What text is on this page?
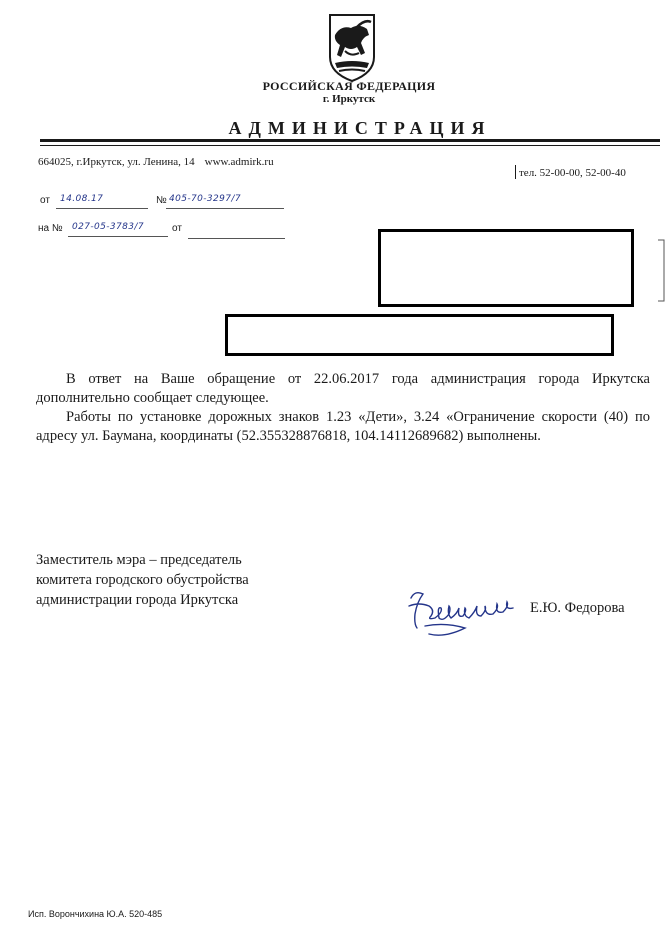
РОССИЙСКАЯ ФЕДЕРАЦИЯ
г. Иркутск
АДМИНИСТРАЦИЯ
664025, г.Иркутск, ул. Ленина, 14 www.admirk.ru
тел. 52-00-00, 52-00-40
от 14.08.17	№ 405-70-3297/7
на № 027-05-3783/7	от

В ответ на Ваше обращение от 22.06.2017 года администрация города Иркутска дополнительно сообщает следующее.

Работы по установке дорожных знаков 1.23 «Дети», 3.24 «Ограничение скорости (40) по адресу ул. Баумана, координаты (52.355328876818, 104.14112689682) выполнены.

Заместитель мэра – председатель
комитета городского обустройства
администрации города Иркутска	Е.Ю. Федорова
Исп. Ворончихина Ю.А. 520-485
